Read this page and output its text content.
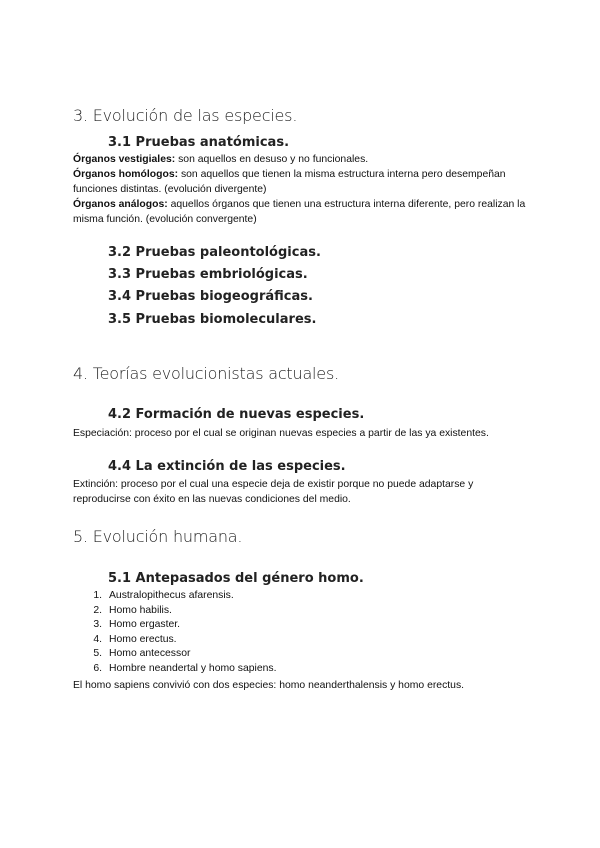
3. Evolución de las especies.
3.1 Pruebas anatómicas.

Órganos vestigiales: son aquellos en desuso y no funcionales.

Órganos homólogos: son aquellos que tienen la misma estructura interna pero desempeñan funciones distintas. (evolución divergente)

Órganos análogos: aquellos órganos que tienen una estructura interna diferente, pero realizan la misma función. (evolución convergente)

3.2 Pruebas paleontológicas.
3.3 Pruebas embriológicas.
3.4 Pruebas biogeográficas.
3.5 Pruebas biomoleculares.
4. Teorías evolucionistas actuales.
4.2 Formación de nuevas especies.

Especiación: proceso por el cual se originan nuevas especies a partir de las ya existentes.

4.4 La extinción de las especies.

Extinción: proceso por el cual una especie deja de existir porque no puede adaptarse y reproducirse con éxito en las nuevas condiciones del medio.

5. Evolución humana.
5.1 Antepasados del género homo.
1. Australopithecus afarensis.
2. Homo habilis.
3. Homo ergaster.
4. Homo erectus.
5. Homo antecessor
6. Hombre neandertal y homo sapiens.

El homo sapiens convivió con dos especies: homo neanderthalensis y homo erectus.
